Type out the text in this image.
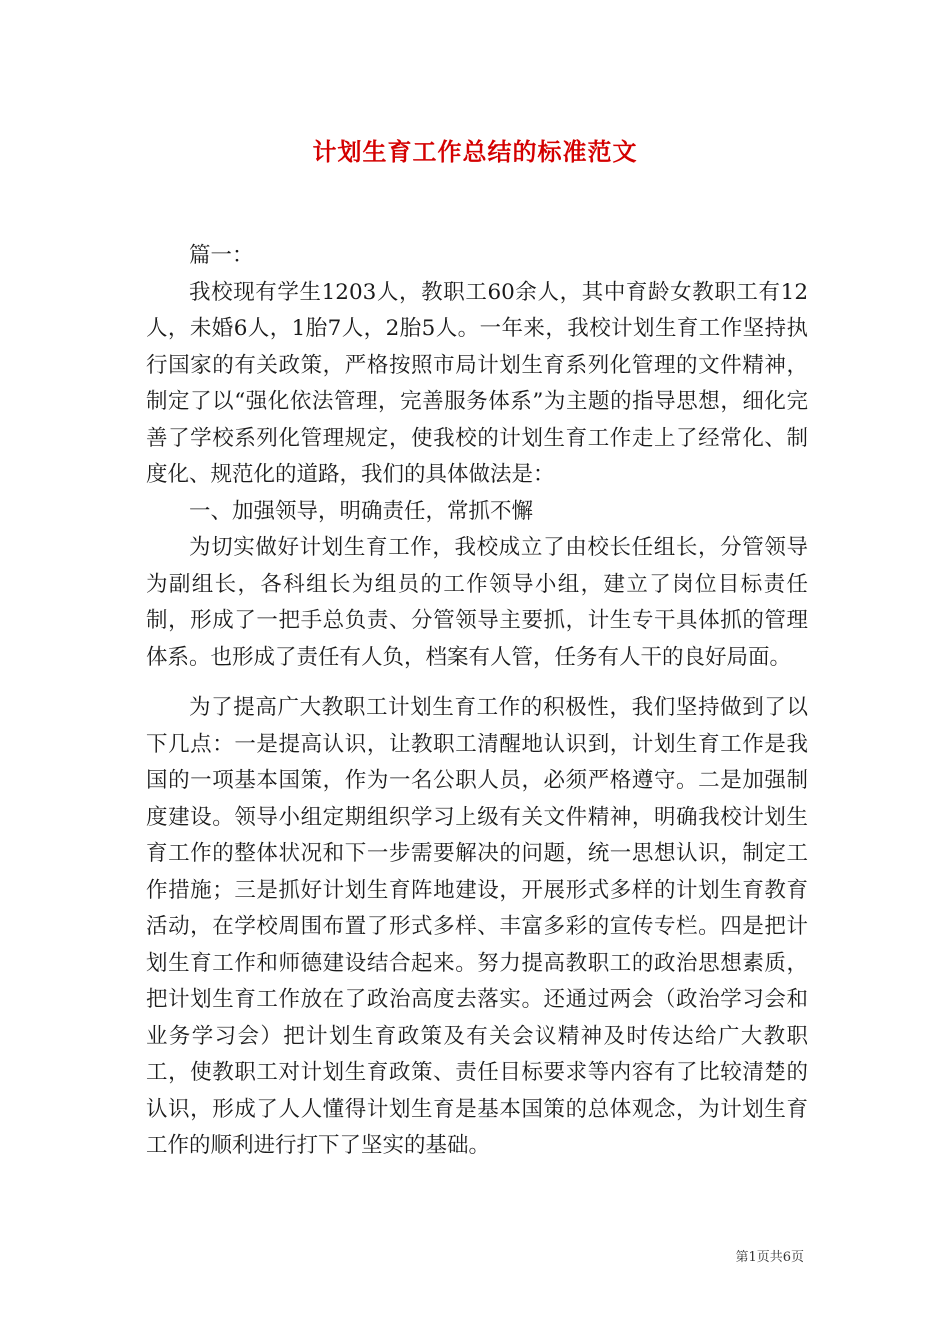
计划生育工作总结的标准范文

篇一：

我校现有学生1203人，教职工60余人，其中育龄女教职工有12人，未婚6人，1胎7人，2胎5人。一年来，我校计划生育工作坚持执行国家的有关政策，严格按照市局计划生育系列化管理的文件精神，制定了以“强化依法管理，完善服务体系”为主题的指导思想，细化完善了学校系列化管理规定，使我校的计划生育工作走上了经常化、制度化、规范化的道路，我们的具体做法是：

一、加强领导，明确责任，常抓不懈

为切实做好计划生育工作，我校成立了由校长任组长，分管领导为副组长，各科组长为组员的工作领导小组，建立了岗位目标责任制，形成了一把手总负责、分管领导主要抓，计生专干具体抓的管理体系。也形成了责任有人负，档案有人管，任务有人干的良好局面。

为了提高广大教职工计划生育工作的积极性，我们坚持做到了以下几点：一是提高认识，让教职工清醒地认识到，计划生育工作是我国的一项基本国策，作为一名公职人员，必须严格遵守。二是加强制度建设。领导小组定期组织学习上级有关文件精神，明确我校计划生育工作的整体状况和下一步需要解决的问题，统一思想认识，制定工作措施；三是抓好计划生育阵地建设，开展形式多样的计划生育教育活动，在学校周围布置了形式多样、丰富多彩的宣传专栏。四是把计划生育工作和师德建设结合起来。努力提高教职工的政治思想素质，把计划生育工作放在了政治高度去落实。还通过两会（政治学习会和业务学习会）把计划生育政策及有关会议精神及时传达给广大教职工，使教职工对计划生育政策、责任目标要求等内容有了比较清楚的认识，形成了人人懂得计划生育是基本国策的总体观念，为计划生育工作的顺利进行打下了坚实的基础。

第1页共6页
